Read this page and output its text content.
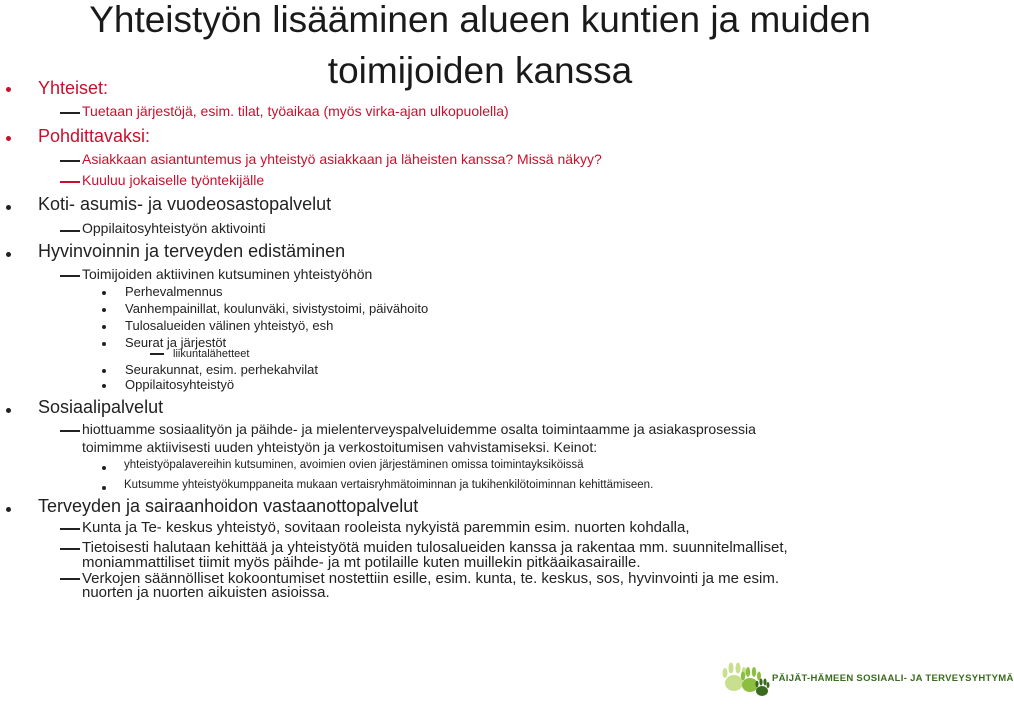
Yhteistyön lisääminen alueen kuntien ja muiden
toimijoiden kanssa
Yhteiset:
Tuetaan järjestöjä, esim. tilat, työaikaa (myös virka-ajan ulkopuolella)
Pohdittavaksi:
Asiakkaan asiantuntemus ja yhteistyö asiakkaan ja läheisten kanssa? Missä näkyy?
Kuuluu jokaiselle työntekijälle
Koti- asumis- ja vuodeosastopalvelut
Oppilaitosyhteistyön aktivointi
Hyvinvoinnin ja terveyden edistäminen
Toimijoiden aktiivinen kutsuminen yhteistyöhön
Perhevalmennus
Vanhempainillat, koulunväki, sivistystoimi, päivähoito
Tulosalueiden välinen yhteistyö, esh
Seurat ja järjestöt
liikuntalähetteet
Seurakunnat, esim. perhekahvilat
Oppilaitosyhteistyö
Sosiaalipalvelut
hiottuamme sosiaalityön ja päihde- ja mielenterveyspalveluidemme osalta toimintaamme ja asiakasprosessia
toimimme aktiivisesti uuden yhteistyön ja verkostoitumisen vahvistamiseksi. Keinot:
yhteistyöpalavereihin kutsuminen, avoimien ovien järjestäminen omissa toimintayksiköissä
Kutsumme yhteistyökumppaneita mukaan vertaisryhmätoiminnan ja tukihenkilötoiminnan kehittämiseen.
Terveyden ja sairaanhoidon vastaanottopalvelut
Kunta ja Te- keskus yhteistyö, sovitaan rooleista nykyistä paremmin esim. nuorten kohdalla,
Tietoisesti halutaan kehittää ja yhteistyötä muiden tulosalueiden kanssa ja rakentaa mm. suunnitelmalliset,
moniammattiliset tiimit myös päihde- ja mt potilaille kuten muillekin pitkäaikasairaille.
Verkojen säännölliset kokoontumiset nostettiin esille, esim. kunta, te. keskus, sos, hyvinvointi ja me esim.
nuorten ja nuorten aikuisten asioissa.
PÄIJÄT-HÄMEEN SOSIAALI- JA TERVEYSYHTYMÄ
